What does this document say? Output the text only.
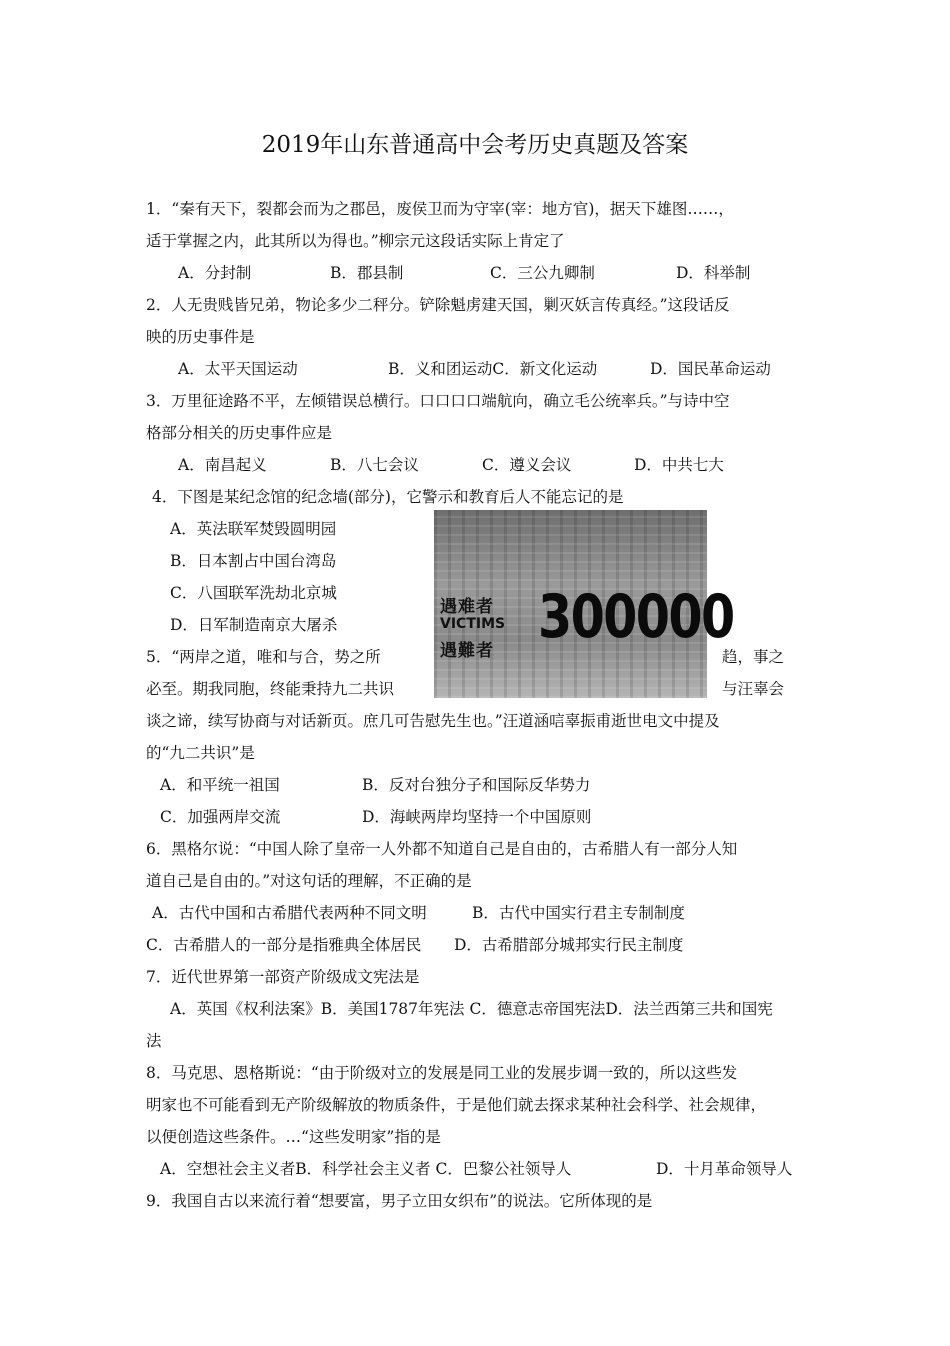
2019年山东普通高中会考历史真题及答案
1．“秦有天下，裂都会而为之郡邑，废侯卫而为守宰(宰：地方官)，据天下雄图……，
适于掌握之内，此其所以为得也。”柳宗元这段话实际上肯定了
A．分封制	B．郡县制	C．三公九卿制	D．科举制
2．人无贵贱皆兄弟，物论多少二秤分。铲除魁虏建天国，剿灭妖言传真经。”这段话反
映的历史事件是
A．太平天国运动	B．义和团运动C．新文化运动	D．国民革命运动
3．万里征途路不平，左倾错误总横行。口口口口端航向，确立毛公统率兵。”与诗中空
格部分相关的历史事件应是
A．南昌起义	B．八七会议	C．遵义会议	D．中共七大
4．下图是某纪念馆的纪念墙(部分)，它警示和教育后人不能忘记的是
A．英法联军焚毁圆明园
B．日本割占中国台湾岛
C．八国联军洗劫北京城
D．日军制造南京大屠杀
遇难者
VICTIMS
遇難者 300000
5．“两岸之道，唯和与合，势之所	趋，事之
必至。期我同胞，终能秉持九二共识	与汪辜会
谈之谛，续写协商与对话新页。庶几可告慰先生也。”汪道涵唁辜振甫逝世电文中提及
的“九二共识”是
A．和平统一祖国	B．反对台独分子和国际反华势力
C．加强两岸交流	D．海峡两岸均坚持一个中国原则
6．黑格尔说：“中国人除了皇帝一人外都不知道自己是自由的，古希腊人有一部分人知
道自己是自由的。”对这句话的理解，不正确的是
A．古代中国和古希腊代表两种不同文明	B．古代中国实行君主专制制度
C．古希腊人的一部分是指雅典全体居民 D．古希腊部分城邦实行民主制度
7．近代世界第一部资产阶级成文宪法是
A．英国《权利法案》B．美国1787年宪法 C．德意志帝国宪法D．法兰西第三共和国宪
法
8．马克思、恩格斯说：“由于阶级对立的发展是同工业的发展步调一致的，所以这些发
明家也不可能看到无产阶级解放的物质条件，于是他们就去探求某种社会科学、社会规律，
以便创造这些条件。…“这些发明家”指的是
A．空想社会主义者B．科学社会主义者 C．巴黎公社领导人	D．十月革命领导人
9．我国自古以来流行着“想要富，男子立田女织布”的说法。它所体现的是
